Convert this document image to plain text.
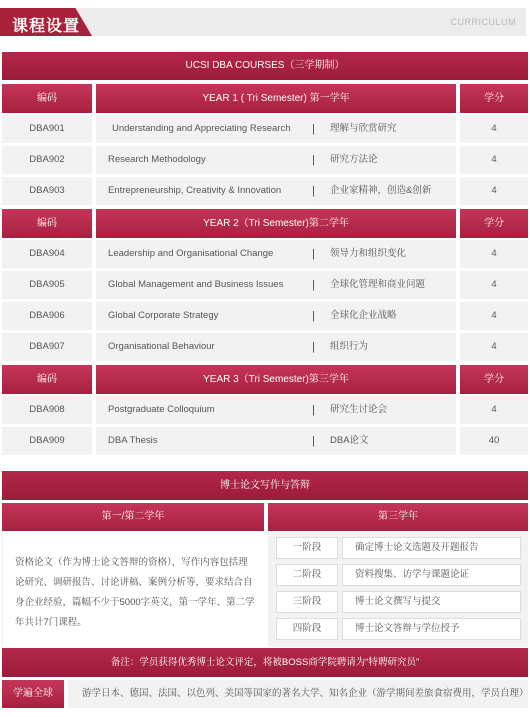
课程设置	CURRICULUM
UCSI DBA COURSES（三学期制）
编码	YEAR 1 ( Tri Semester) 第一学年	学分
DBA901	Understanding and Appreciating Research | 理解与欣赏研究	4
DBA902	Research Methodology	| 研究方法论	4
DBA903	Entrepreneurship, Creativity & Innovation	| 企业家精神，创造&创新	4
编码	YEAR 2（Tri Semester)第二学年	学分
DBA904	Leadership and Organisational Change	| 领导力和组织变化	4
DBA905	Global Management and Business Issues	| 全球化管理和商业问题	4
DBA906	Global Corporate Strategy	| 全球化企业战略	4
DBA907	Organisational Behaviour	| 组织行为	4
编码	YEAR 3（Tri Semester)第三学年	学分
DBA908	Postgraduate Colloquium	| 研究生讨论会	4
DBA909	DBA Thesis	| DBA论文	40
博士论文写作与答辩
第一/第二学年	第三学年
资格论文（作为博士论文答辩的资格），写作内容包括理论研究、调研报告、讨论讲稿、案例分析等，要求结合自身企业经验，篇幅不少于5000字英文，第一学年、第二学年共计7门课程。
一阶段	确定博士论文选题及开题报告
二阶段	资料搜集、访学与课题论证
三阶段	博士论文撰写与提交
四阶段	博士论文答辩与学位授予
备注：学员获得优秀博士论文评定，将被BOSS商学院聘请为“特聘研究员”
学遍全球	游学日本、德国、法国、以色列、美国等国家的著名大学、知名企业（游学期间差旅食宿费用，学员自理）
